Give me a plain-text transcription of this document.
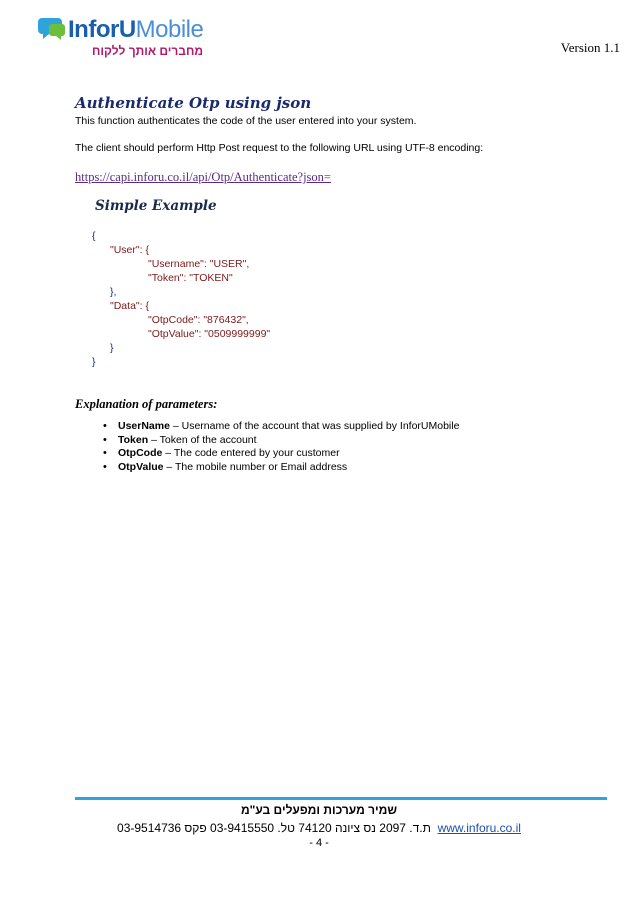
InforUMobile
מחברים אותך ללקוח	Version 1.1
Authenticate Otp using json
This function authenticates the code of the user entered into your system.
The client should perform Http Post request to the following URL using UTF-8 encoding:
https://capi.inforu.co.il/api/Otp/Authenticate?json=
Simple Example
{
"User": {
"Username": "USER",
"Token": "TOKEN"
},
"Data": {
"OtpCode": "876432",
"OtpValue": "0509999999"
}
}
Explanation of parameters:
• UserName – Username of the account that was supplied by InforUMobile
• Token – Token of the account
• OtpCode – The code entered by your customer
• OtpValue – The mobile number or Email address
שמיר מערכות ומפעלים בע"מ
ת.ד. 2097 נס ציונה 74120 טל. 03-9415550 פקס 03-9514736 www.inforu.co.il
- 4 -
